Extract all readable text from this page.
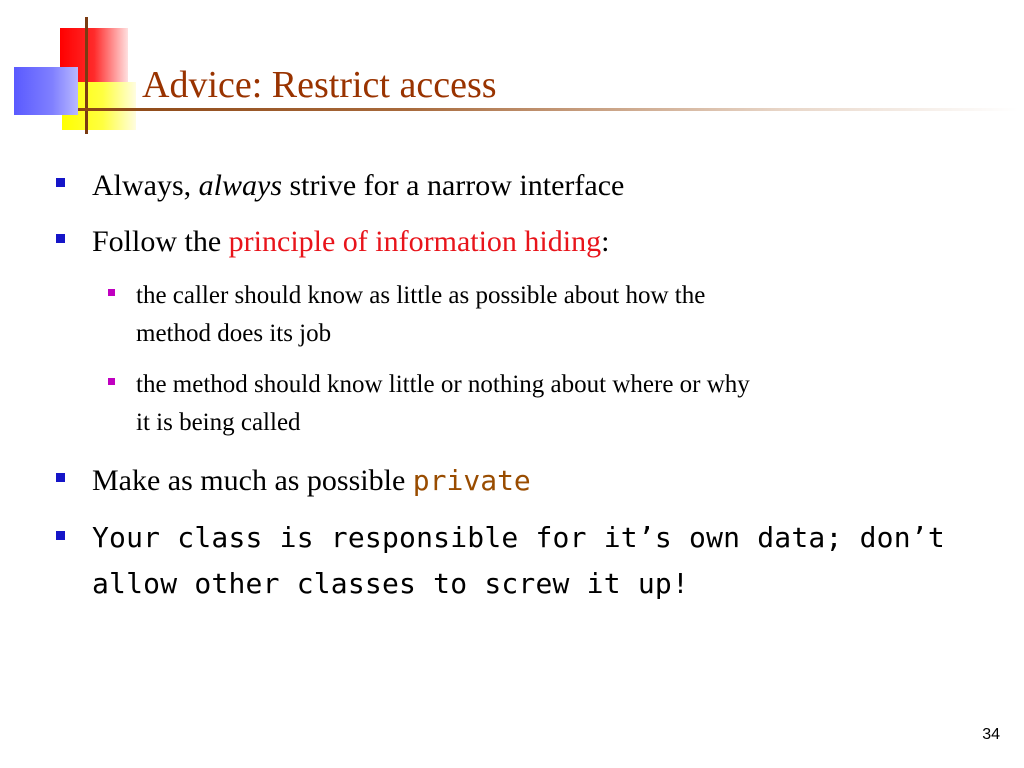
Advice: Restrict access
Always, always strive for a narrow interface
Follow the principle of information hiding:
the caller should know as little as possible about how the
method does its job
the method should know little or nothing about where or why
it is being called
Make as much as possible private
Your class is responsible for it’s own data; don’t
allow other classes to screw it up!
34
